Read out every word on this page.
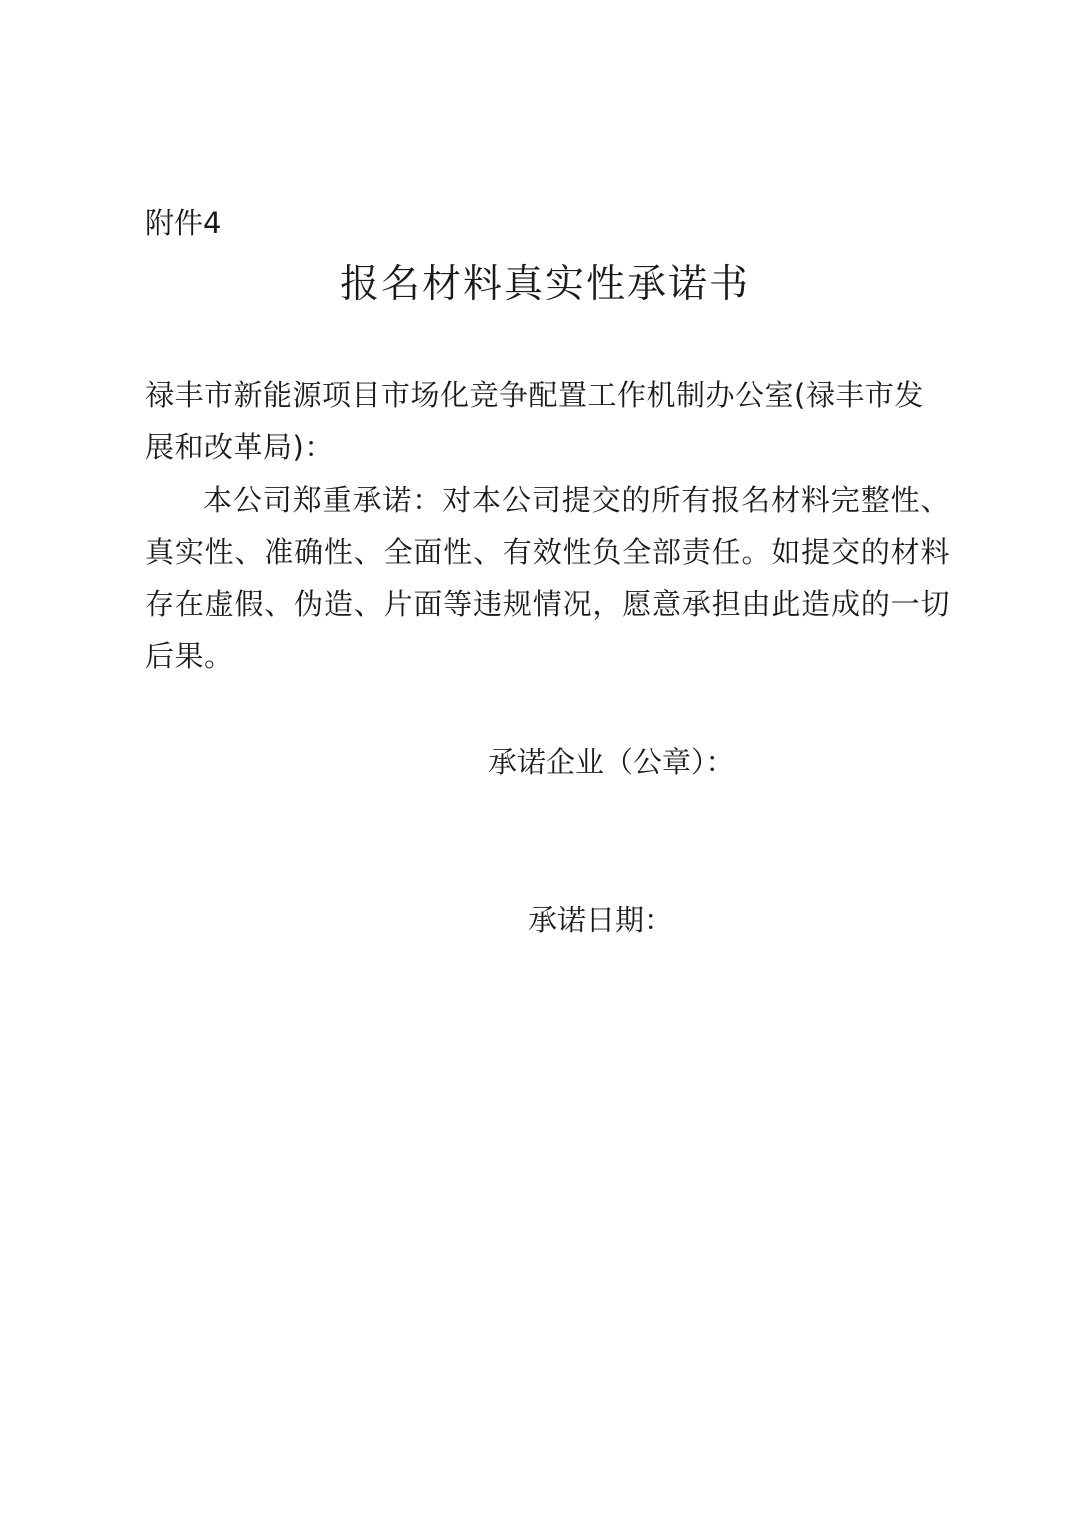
附件4
报名材料真实性承诺书
禄丰市新能源项目市场化竞争配置工作机制办公室(禄丰市发展和改革局)：
本公司郑重承诺：对本公司提交的所有报名材料完整性、真实性、准确性、全面性、有效性负全部责任。如提交的材料存在虚假、伪造、片面等违规情况，愿意承担由此造成的一切后果。
承诺企业（公章）：
承诺日期：
